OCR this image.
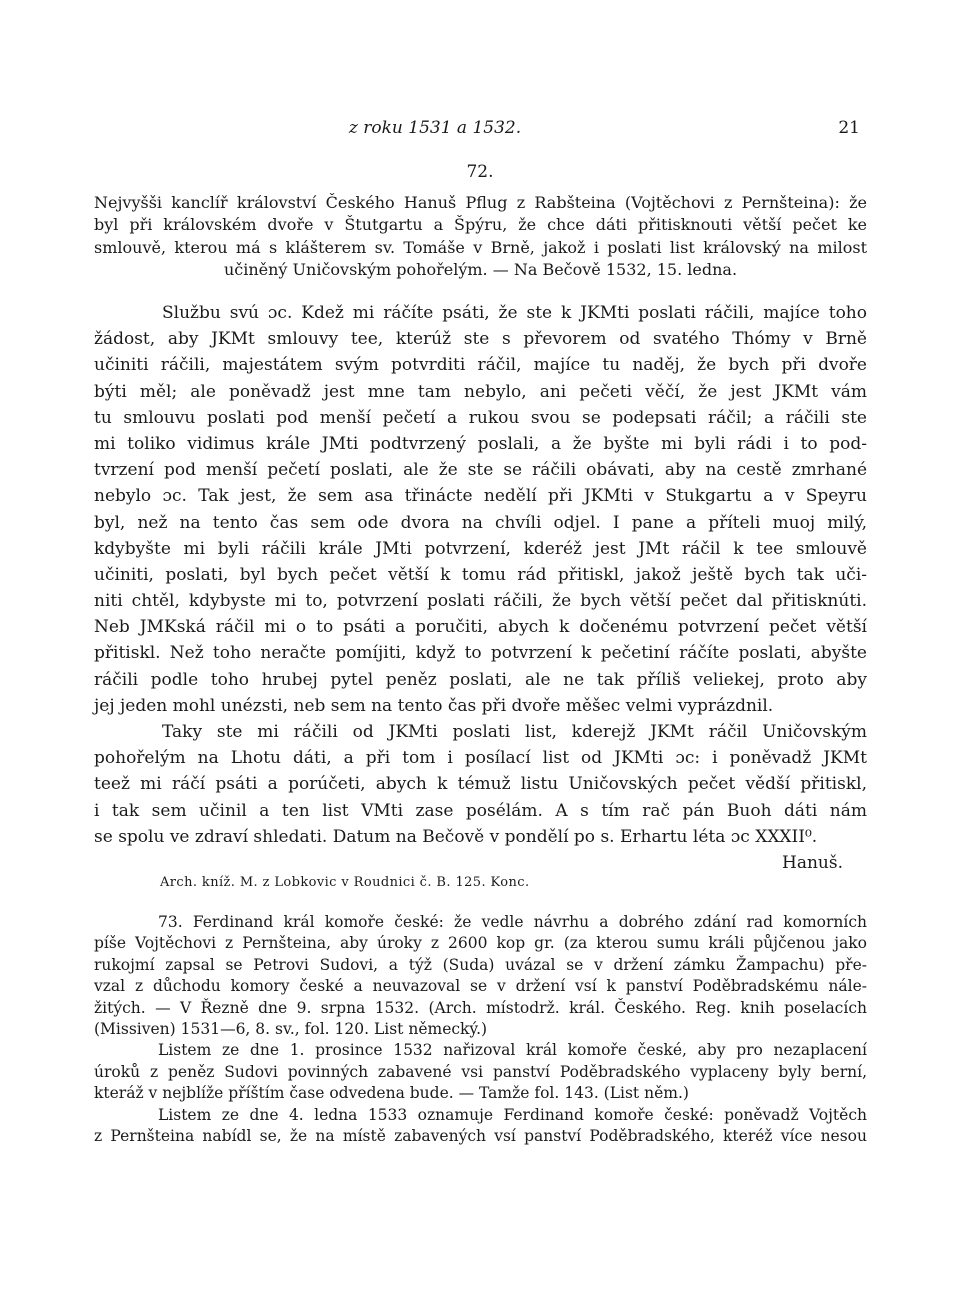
z roku 1531 a 1532.	21
72.
Nejvyšši kanclíř království Českého Hanuš Pflug z Rabšteina (Vojtěchovi z Pernšteina): že
byl při královském dvoře v Štutgartu a Špýru, že chce dáti přitisknouti větší pečet ke
smlouvě, kterou má s klášterem sv. Tomáše v Brně, jakož i poslati list královský na milost
učiněný Uničovským pohořelým. — Na Bečově 1532, 15. ledna.
Službu svú ɔc. Kdež mi ráčíte psáti, že ste k JKMti poslati ráčili, majíce toho
žádost, aby JKMt smlouvy tee, kterúž ste s převorem od svatého Thómy v Brně
učiniti ráčili, majestátem svým potvrditi ráčil, majíce tu naděj, že bych při dvoře
býti měl; ale poněvadž jest mne tam nebylo, ani pečeti věčí, že jest JKMt vám
tu smlouvu poslati pod menší pečetí a rukou svou se podepsati ráčil; a ráčili ste
mi toliko vidimus krále JMti podtvrzený poslali, a že byšte mi byli rádi i to pod-
tvrzení pod menší pečetí poslati, ale že ste se ráčili obávati, aby na cestě zmrhané
nebylo ɔc. Tak jest, že sem asa třinácte nedělí při JKMti v Stukgartu a v Speyru
byl, než na tento čas sem ode dvora na chvíli odjel. I pane a příteli muoj milý,
kdybyšte mi byli ráčili krále JMti potvrzení, kderéž jest JMt ráčil k tee smlouvě
učiniti, poslati, byl bych pečet větší k tomu rád přitiskl, jakož ještě bych tak uči-
niti chtěl, kdybyste mi to, potvrzení poslati ráčili, že bych větší pečet dal přitisknúti.
Neb JMKská ráčil mi o to psáti a poručiti, abych k dočenému potvrzení pečet větší
přitiskl. Než toho neračte pomíjiti, když to potvrzení k pečetiní ráčíte poslati, abyšte
ráčili podle toho hrubej pytel peněz poslati, ale ne tak příliš veliekej, proto aby
jej jeden mohl unézsti, neb sem na tento čas při dvoře měšec velmi vyprázdnil.
Taky ste mi ráčili od JKMti poslati list, kderejž JKMt ráčil Uničovským
pohořelým na Lhotu dáti, a při tom i posílací list od JKMti ɔc: i poněvadž JKMt
teež mi ráčí psáti a porúčeti, abych k témuž listu Uničovských pečet vědší přitiskl,
i tak sem učinil a ten list VMti zase posélám. A s tím rač pán Buoh dáti nám
se spolu ve zdraví shledati. Datum na Bečově v pondělí po s. Erhartu léta ɔc XXXII⁰.
Hanuš.
Arch. kníž. M. z Lobkovic v Roudnici č. B. 125. Konc.
73. Ferdinand král komoře české: že vedle návrhu a dobrého zdání rad komorních
píše Vojtěchovi z Pernšteina, aby úroky z 2600 kop gr. (za kterou sumu králi půjčenou jako
rukojmí zapsal se Petrovi Sudovi, a týž (Suda) uvázal se v držení zámku Žampachu) pře-
vzal z důchodu komory české a neuvazoval se v držení vsí k panství Poděbradskému nále-
žitých. — V Řezně dne 9. srpna 1532. (Arch. místodrž. král. Českého. Reg. knih poselacích
(Missiven) 1531—6, 8. sv., fol. 120. List německý.)
Listem ze dne 1. prosince 1532 nařizoval král komoře české, aby pro nezaplacení
úroků z peněz Sudovi povinných zabavené vsi panství Poděbradského vyplaceny byly berní,
kteráž v nejblíže příštím čase odvedena bude. — Tamže fol. 143. (List něm.)
Listem ze dne 4. ledna 1533 oznamuje Ferdinand komoře české: poněvadž Vojtěch
z Pernšteina nabídl se, že na místě zabavených vsí panství Poděbradského, kteréž více nesou
